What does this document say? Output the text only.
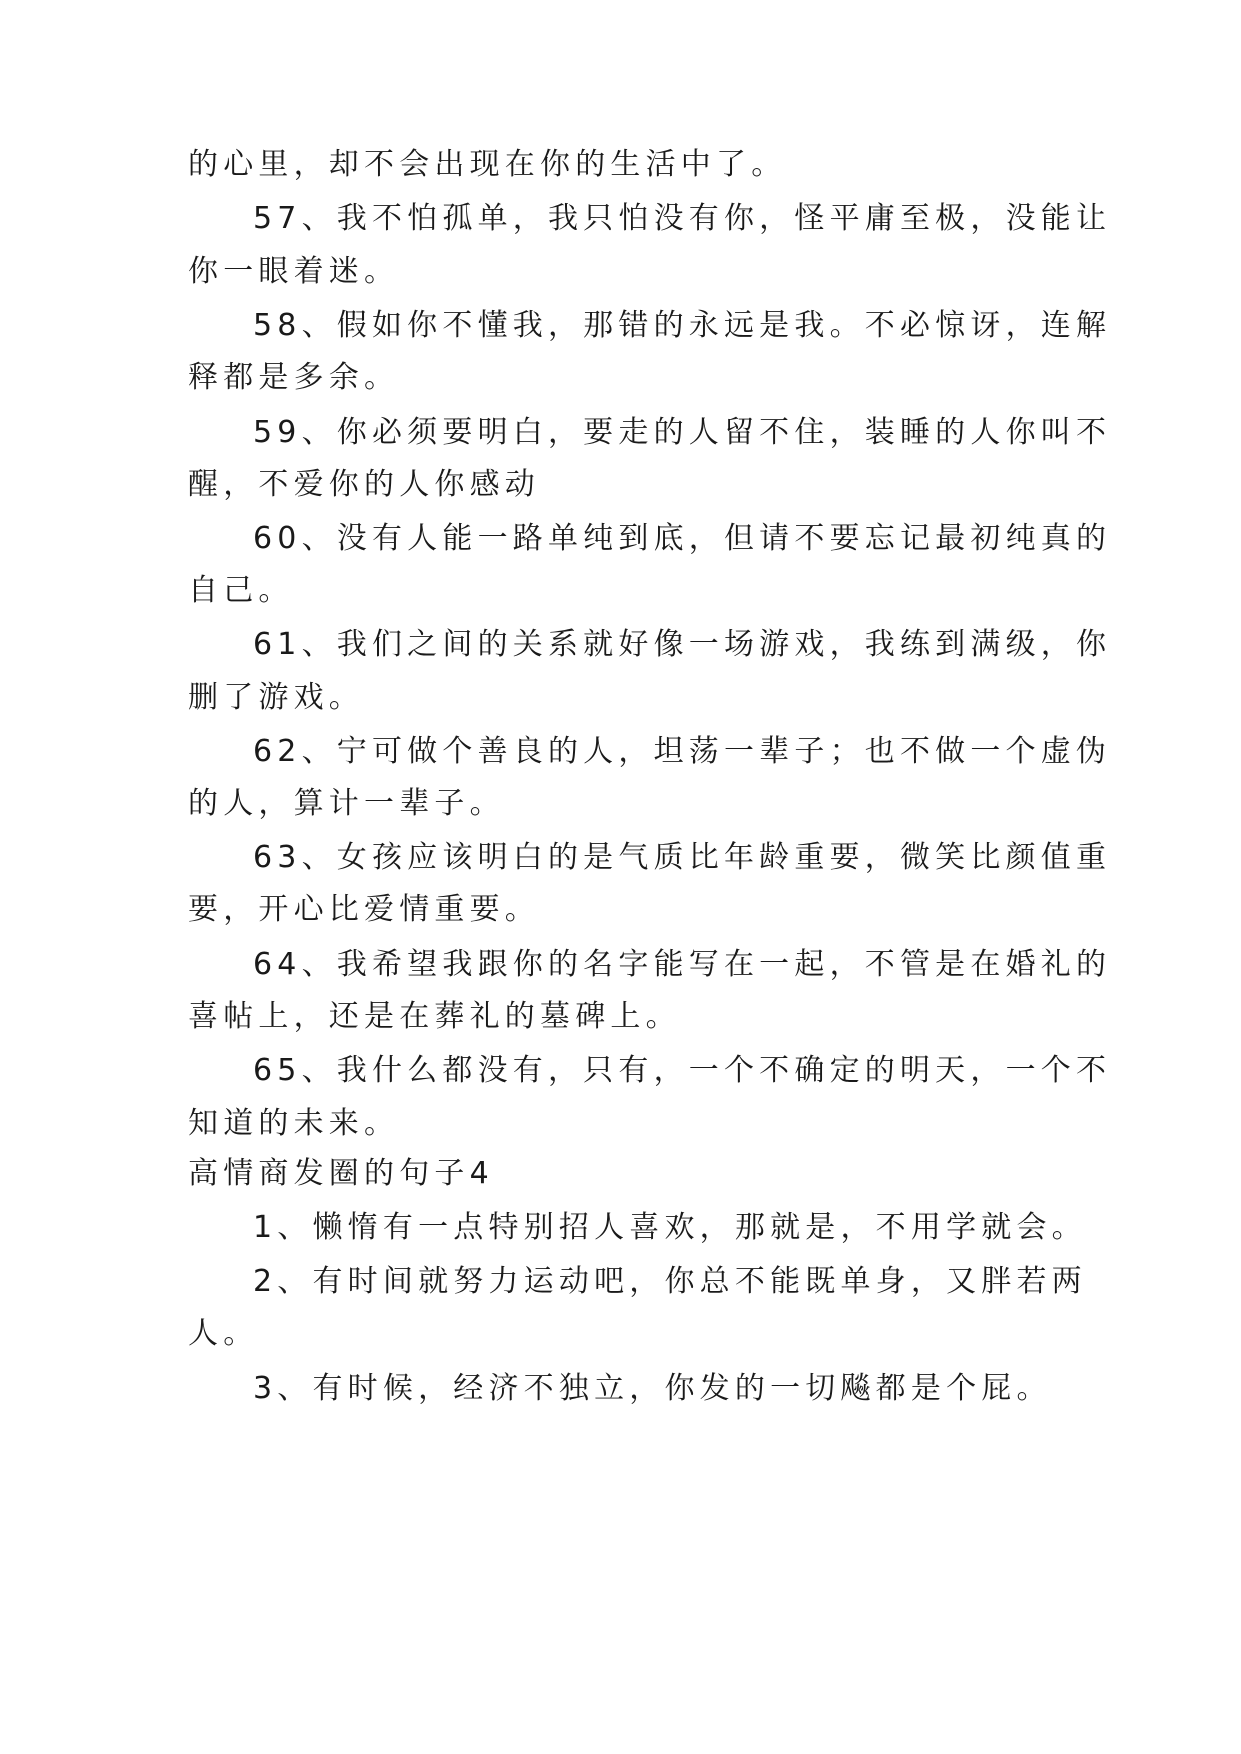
的心里，却不会出现在你的生活中了。
57、我不怕孤单，我只怕没有你，怪平庸至极，没能让
你一眼着迷。
58、假如你不懂我，那错的永远是我。不必惊讶，连解
释都是多余。
59、你必须要明白，要走的人留不住，装睡的人你叫不
醒，不爱你的人你感动
60、没有人能一路单纯到底，但请不要忘记最初纯真的
自己。
61、我们之间的关系就好像一场游戏，我练到满级，你
删了游戏。
62、宁可做个善良的人，坦荡一辈子；也不做一个虚伪
的人，算计一辈子。
63、女孩应该明白的是气质比年龄重要，微笑比颜值重
要，开心比爱情重要。
64、我希望我跟你的名字能写在一起，不管是在婚礼的
喜帖上，还是在葬礼的墓碑上。
65、我什么都没有，只有，一个不确定的明天，一个不
知道的未来。
高情商发圈的句子4
1、懒惰有一点特别招人喜欢，那就是，不用学就会。
2、有时间就努力运动吧，你总不能既单身，又胖若两
人。
3、有时候，经济不独立，你发的一切飚都是个屁。
